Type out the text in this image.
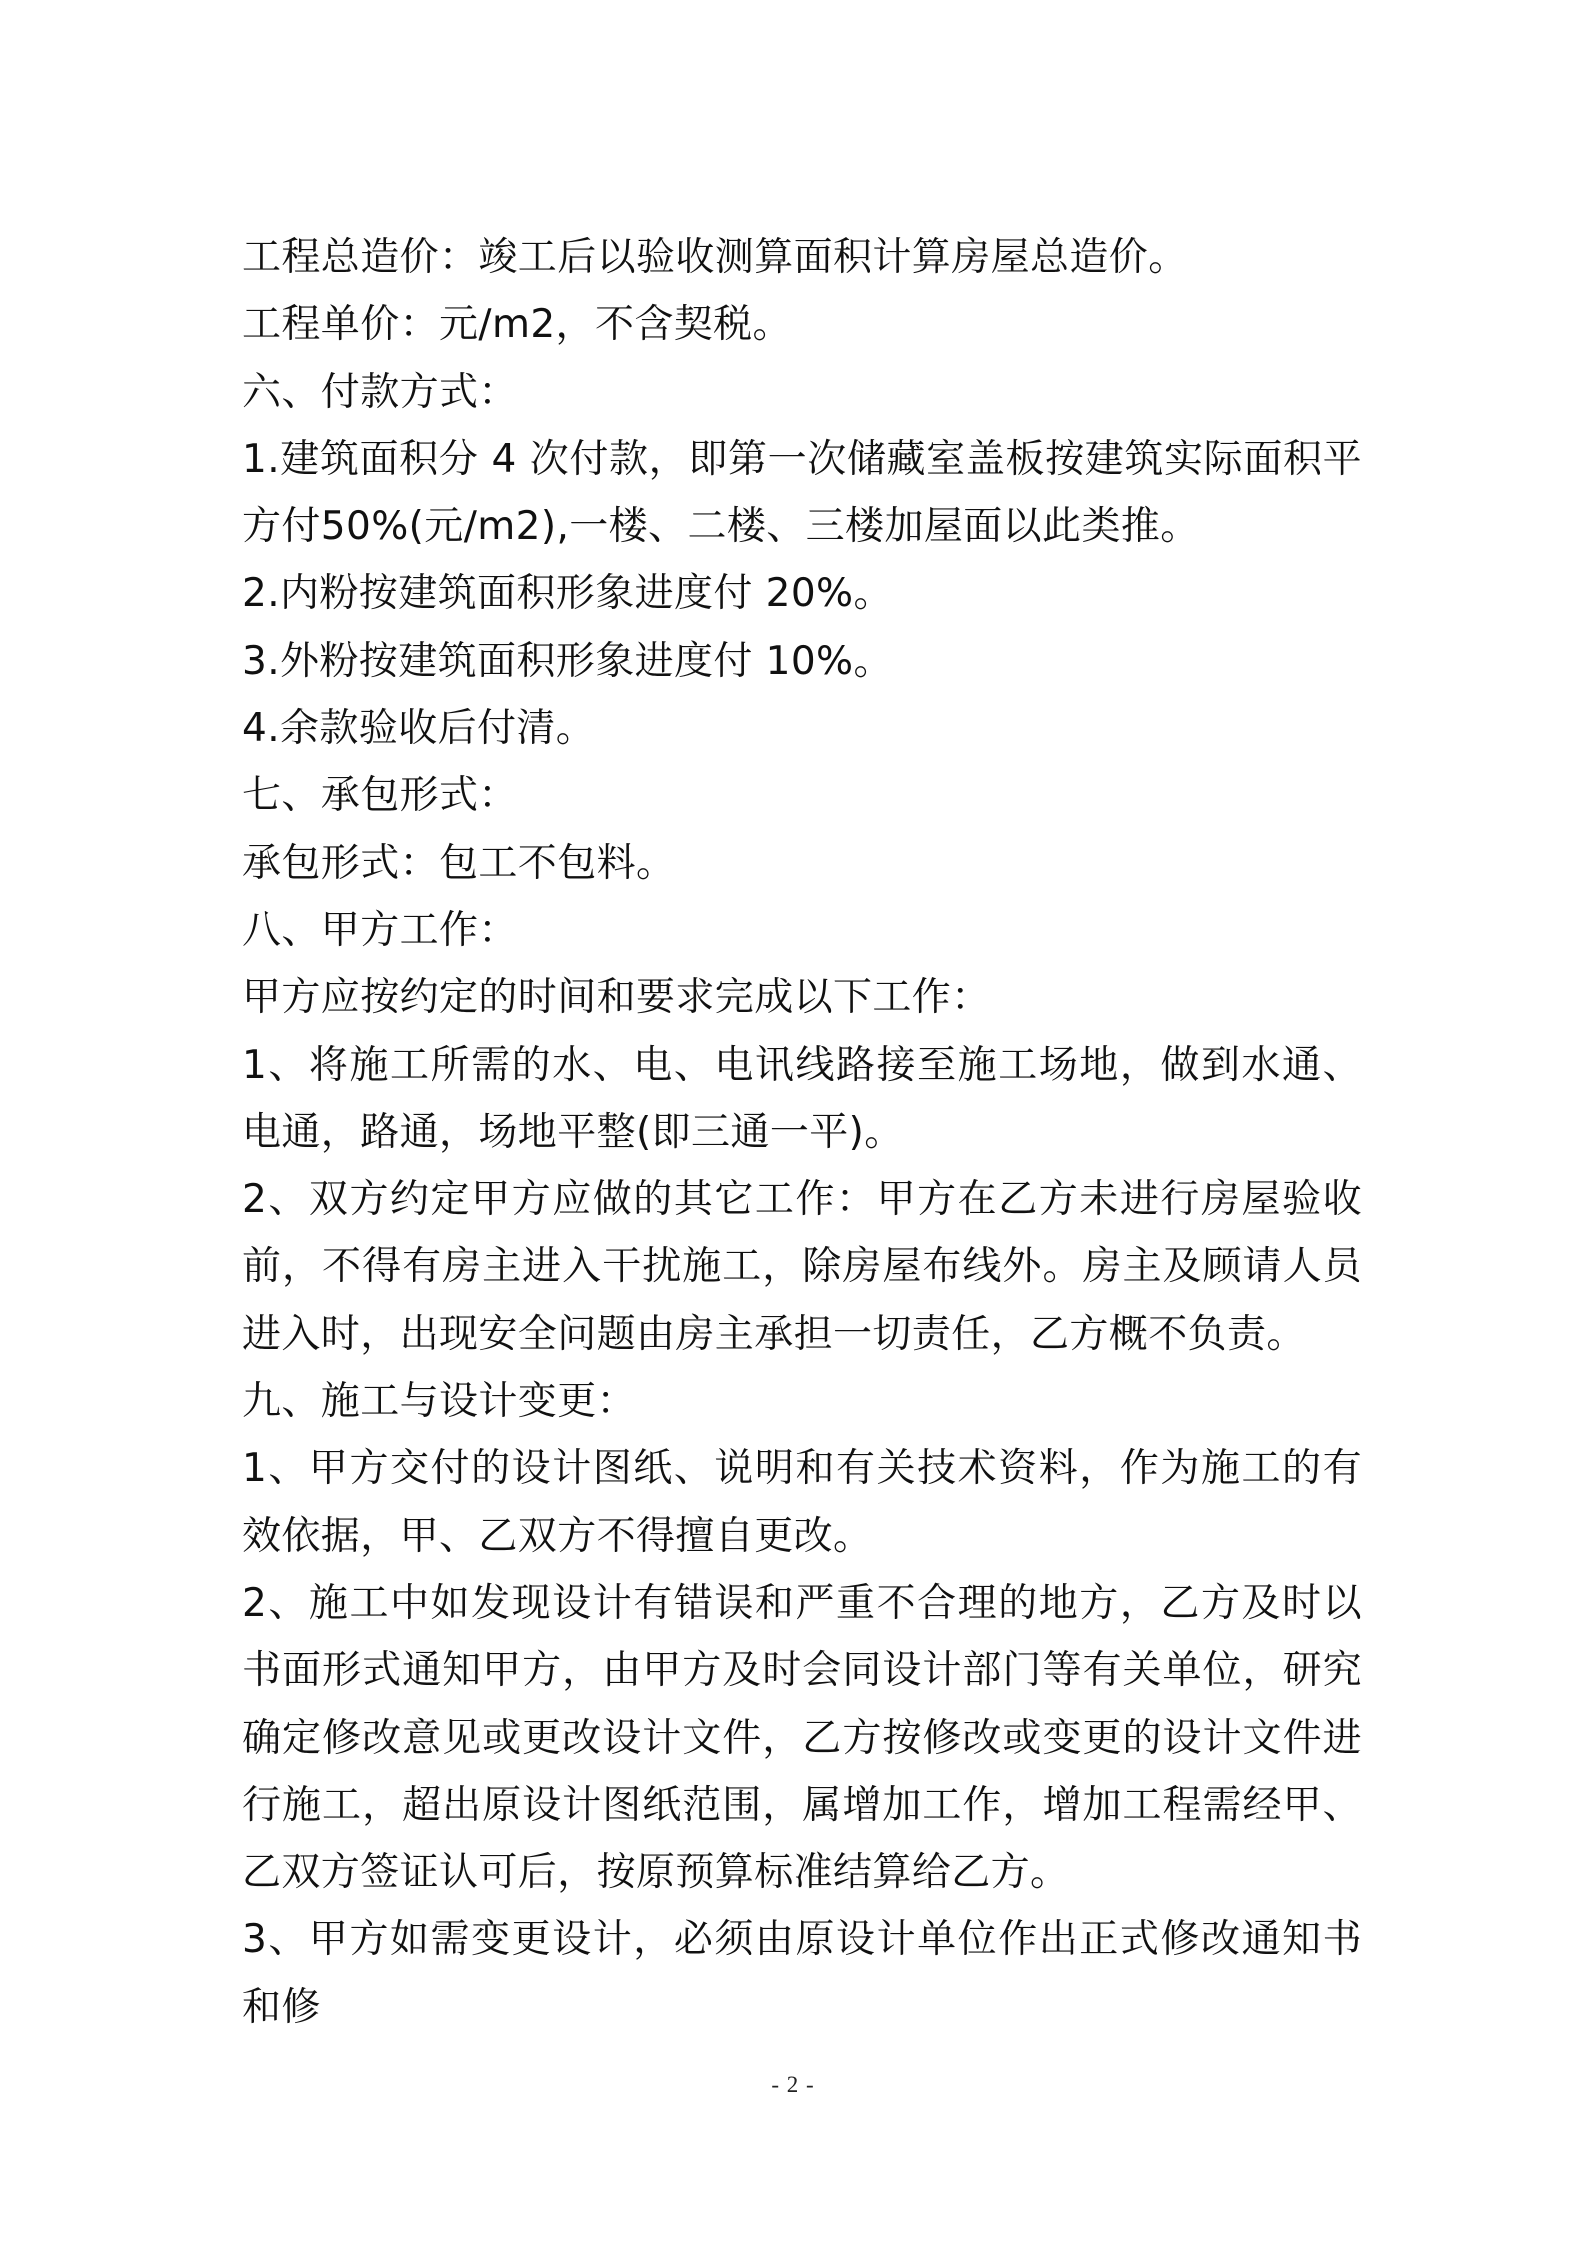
工程总造价：竣工后以验收测算面积计算房屋总造价。

工程单价：元/m2，不含契税。

六、付款方式：

1.建筑面积分 4 次付款，即第一次储藏室盖板按建筑实际面积平方付50%(元/m2),一楼、二楼、三楼加屋面以此类推。

2.内粉按建筑面积形象进度付 20%。

3.外粉按建筑面积形象进度付 10%。

4.余款验收后付清。

七、承包形式：

承包形式：包工不包料。

八、甲方工作：

甲方应按约定的时间和要求完成以下工作：

1、将施工所需的水、电、电讯线路接至施工场地，做到水通、电通，路通，场地平整(即三通一平)。

2、双方约定甲方应做的其它工作：甲方在乙方未进行房屋验收前，不得有房主进入干扰施工，除房屋布线外。房主及顾请人员进入时，出现安全问题由房主承担一切责任，乙方概不负责。

九、施工与设计变更：

1、甲方交付的设计图纸、说明和有关技术资料，作为施工的有效依据，甲、乙双方不得擅自更改。

2、施工中如发现设计有错误和严重不合理的地方，乙方及时以书面形式通知甲方，由甲方及时会同设计部门等有关单位，研究确定修改意见或更改设计文件，乙方按修改或变更的设计文件进行施工，超出原设计图纸范围，属增加工作，增加工程需经甲、乙双方签证认可后，按原预算标准结算给乙方。

3、甲方如需变更设计，必须由原设计单位作出正式修改通知书和修

- 2 -
